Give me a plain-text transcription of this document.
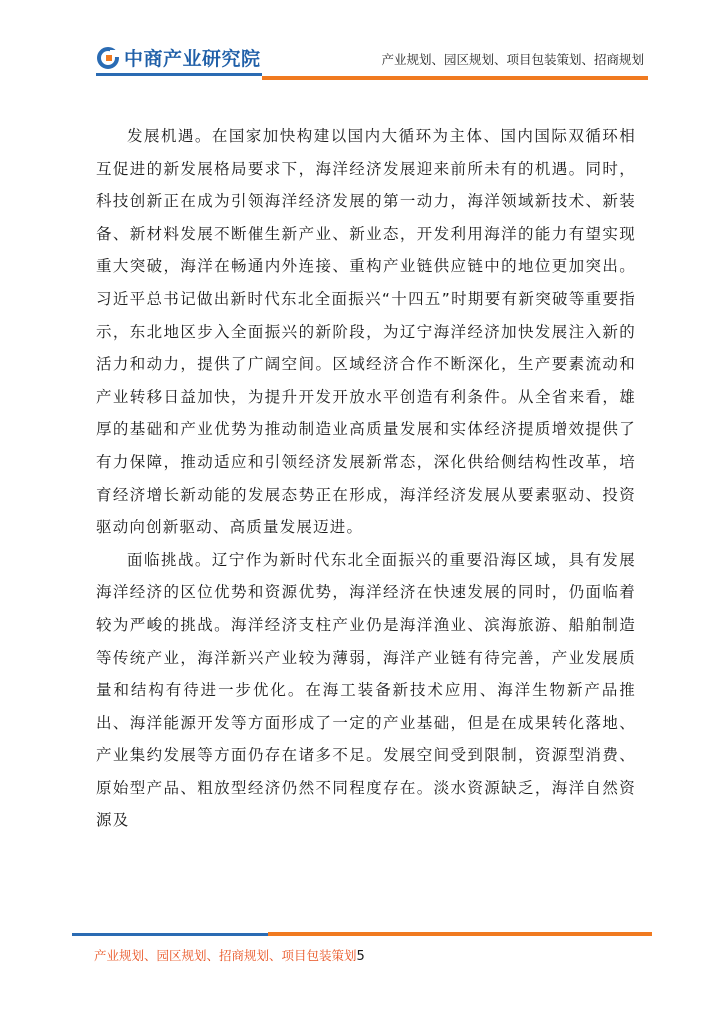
中商产业研究院	产业规划、园区规划、项目包装策划、招商规划

发展机遇。在国家加快构建以国内大循环为主体、国内国际双循环相互促进的新发展格局要求下，海洋经济发展迎来前所未有的机遇。同时，科技创新正在成为引领海洋经济发展的第一动力，海洋领域新技术、新装备、新材料发展不断催生新产业、新业态，开发利用海洋的能力有望实现重大突破，海洋在畅通内外连接、重构产业链供应链中的地位更加突出。习近平总书记做出新时代东北全面振兴“十四五”时期要有新突破等重要指示，东北地区步入全面振兴的新阶段，为辽宁海洋经济加快发展注入新的活力和动力，提供了广阔空间。区域经济合作不断深化，生产要素流动和产业转移日益加快，为提升开发开放水平创造有利条件。从全省来看，雄厚的基础和产业优势为推动制造业高质量发展和实体经济提质增效提供了有力保障，推动适应和引领经济发展新常态，深化供给侧结构性改革，培育经济增长新动能的发展态势正在形成，海洋经济发展从要素驱动、投资驱动向创新驱动、高质量发展迈进。

面临挑战。辽宁作为新时代东北全面振兴的重要沿海区域，具有发展海洋经济的区位优势和资源优势，海洋经济在快速发展的同时，仍面临着较为严峻的挑战。海洋经济支柱产业仍是海洋渔业、滨海旅游、船舶制造等传统产业，海洋新兴产业较为薄弱，海洋产业链有待完善，产业发展质量和结构有待进一步优化。在海工装备新技术应用、海洋生物新产品推出、海洋能源开发等方面形成了一定的产业基础，但是在成果转化落地、产业集约发展等方面仍存在诸多不足。发展空间受到限制，资源型消费、原始型产品、粗放型经济仍然不同程度存在。淡水资源缺乏，海洋自然资源及

产业规划、园区规划、招商规划、项目包装策划5
